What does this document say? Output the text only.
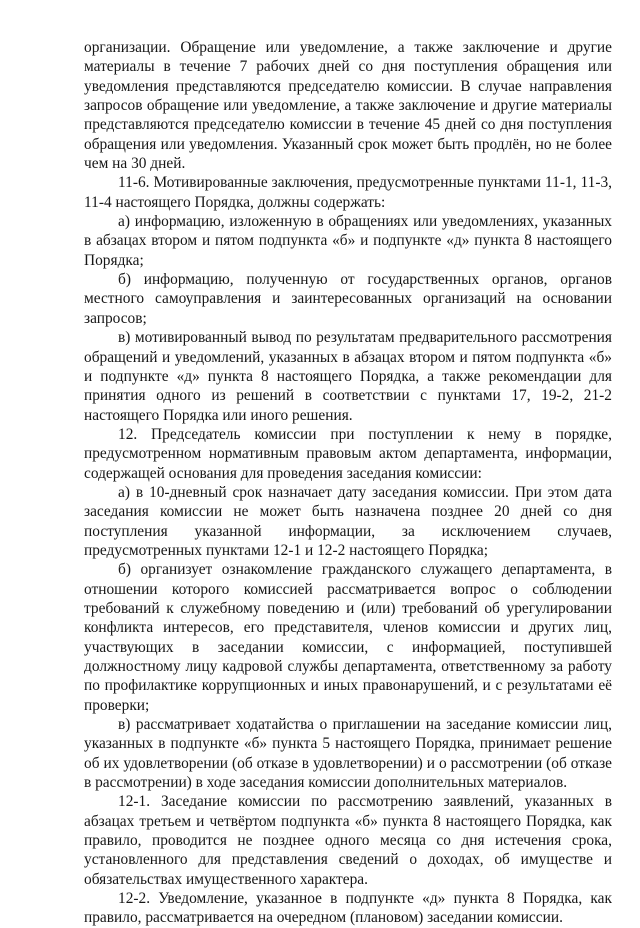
организации. Обращение или уведомление, а также заключение и другие материалы в течение 7 рабочих дней со дня поступления обращения или уведомления представляются председателю комиссии. В случае направления запросов обращение или уведомление, а также заключение и другие материалы представляются председателю комиссии в течение 45 дней со дня поступления обращения или уведомления. Указанный срок может быть продлён, но не более чем на 30 дней.

11-6. Мотивированные заключения, предусмотренные пунктами 11-1, 11-3, 11-4 настоящего Порядка, должны содержать:

а) информацию, изложенную в обращениях или уведомлениях, указанных в абзацах втором и пятом подпункта «б» и подпункте «д» пункта 8 настоящего Порядка;

б) информацию, полученную от государственных органов, органов местного самоуправления и заинтересованных организаций на основании запросов;

в) мотивированный вывод по результатам предварительного рассмотрения обращений и уведомлений, указанных в абзацах втором и пятом подпункта «б» и подпункте «д» пункта 8 настоящего Порядка, а также рекомендации для принятия одного из решений в соответствии с пунктами 17, 19-2, 21-2 настоящего Порядка или иного решения.

12. Председатель комиссии при поступлении к нему в порядке, предусмотренном нормативным правовым актом департамента, информации, содержащей основания для проведения заседания комиссии:

а) в 10-дневный срок назначает дату заседания комиссии. При этом дата заседания комиссии не может быть назначена позднее 20 дней со дня поступления указанной информации, за исключением случаев, предусмотренных пунктами 12-1 и 12-2 настоящего Порядка;

б) организует ознакомление гражданского служащего департамента, в отношении которого комиссией рассматривается вопрос о соблюдении требований к служебному поведению и (или) требований об урегулировании конфликта интересов, его представителя, членов комиссии и других лиц, участвующих в заседании комиссии, с информацией, поступившей должностному лицу кадровой службы департамента, ответственному за работу по профилактике коррупционных и иных правонарушений, и с результатами её проверки;

в) рассматривает ходатайства о приглашении на заседание комиссии лиц, указанных в подпункте «б» пункта 5 настоящего Порядка, принимает решение об их удовлетворении (об отказе в удовлетворении) и о рассмотрении (об отказе в рассмотрении) в ходе заседания комиссии дополнительных материалов.

12-1. Заседание комиссии по рассмотрению заявлений, указанных в абзацах третьем и четвёртом подпункта «б» пункта 8 настоящего Порядка, как правило, проводится не позднее одного месяца со дня истечения срока, установленного для представления сведений о доходах, об имуществе и обязательствах имущественного характера.

12-2. Уведомление, указанное в подпункте «д» пункта 8 Порядка, как правило, рассматривается на очередном (плановом) заседании комиссии.
